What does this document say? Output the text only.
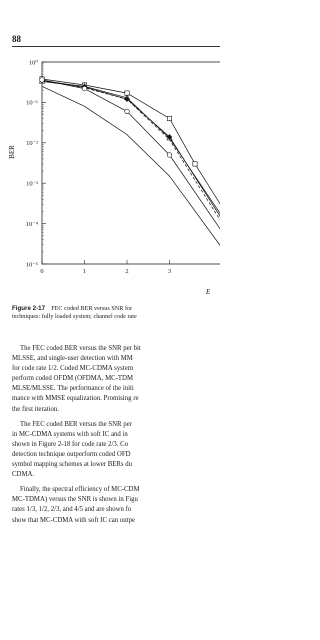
88
10⁰
10⁻¹
10⁻²
10⁻³
10⁻⁴
10⁻⁵
0	1	2	3
BER
E
Figure 2-17 FEC coded BER versus SNR for
techniques: fully loaded system; channel code rate
The FEC coded BER versus the SNR per bit
MLSSE, and single-user detection with MM
for code rate 1/2. Coded MC-CDMA system
perform coded OFDM (OFDMA, MC-TDM
MLSE/MLSSE. The performance of the initi
mance with MMSE equalization. Promising re
the first iteration.
The FEC coded BER versus the SNR per
in MC-CDMA systems with soft IC and in
shown in Figure 2-18 for code rate 2/3. Co
detection technique outperform coded OFD
symbol mapping schemes at lower BERs du
CDMA.
Finally, the spectral efficiency of MC-CDM
MC-TDMA) versus the SNR is shown in Figu
rates 1/3, 1/2, 2/3, and 4/5 and are shown fo
show that MC-CDMA with soft IC can outpe
